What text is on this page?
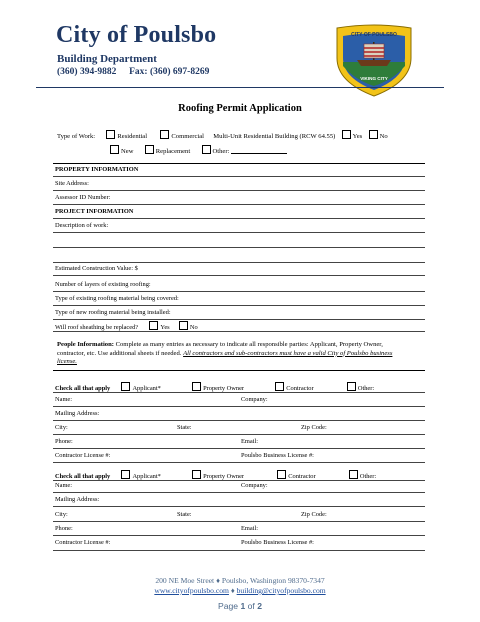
City of Poulsbo
Building Department
(360) 394-9882 Fax: (360) 697-8269
CITY OF POULSBO
VIKING CITY
Roofing Permit Application
Type of Work:	Residential	Commercial Multi-Unit Residential Building (RCW 64.55)	Yes	No
New	Replacement	Other:
PROPERTY INFORMATION
Site Address:
Assessor ID Number:
PROJECT INFORMATION
Description of work:
Estimated Construction Value: $
Number of layers of existing roofing:
Type of existing roofing material being covered:
Type of new roofing material being installed:
Will roof sheathing be replaced?	Yes	No
People Information: Complete as many entries as necessary to indicate all responsible parties: Applicant, Property Owner, contractor, etc. Use additional sheets if needed. All contractors and sub-contractors must have a valid City of Poulsbo business license.
Check all that apply	Applicant*	Property Owner	Contractor	Other:
Name:	Company:
Mailing Address:
City:	State:	Zip Code:
Phone:	Email:
Contractor License #:	Poulsbo Business License #:
Check all that apply	Applicant*	Property Owner	Contractor	Other:
Name:	Company:
Mailing Address:
City:	State:	Zip Code:
Phone:	Email:
Contractor License #:	Poulsbo Business License #:
200 NE Moe Street ♦ Poulsbo, Washington 98370-7347
www.cityofpoulsbo.com ♦ building@cityofpoulsbo.com
Page 1 of 2
